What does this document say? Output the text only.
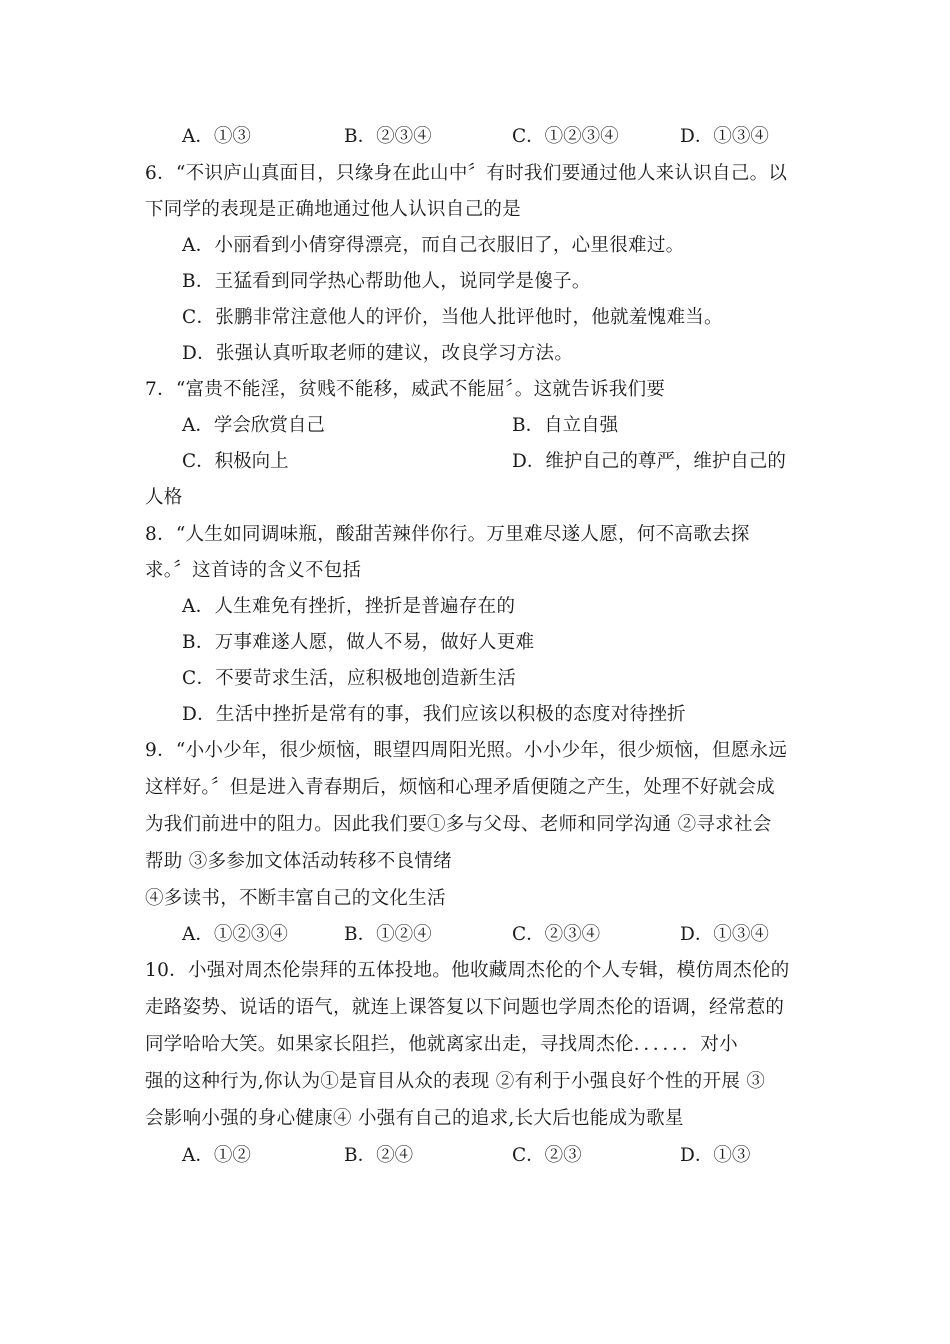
A．①③	B．②③④	C．①②③④	D．①③④
6．“不识庐山真面目，只缘身在此山中〞有时我们要通过他人来认识自己。以
下同学的表现是正确地通过他人认识自己的是
A．小丽看到小倩穿得漂亮，而自己衣服旧了，心里很难过。
B．王猛看到同学热心帮助他人，说同学是傻子。
C．张鹏非常注意他人的评价，当他人批评他时，他就羞愧难当。
D．张强认真听取老师的建议，改良学习方法。
7．“富贵不能淫，贫贱不能移，威武不能屈〞。这就告诉我们要
A．学会欣赏自己	B．自立自强
C．积极向上	D．维护自己的尊严，维护自己的
人格
8．“人生如同调味瓶，酸甜苦辣伴你行。万里难尽遂人愿，何不高歌去探
求。〞这首诗的含义不包括
A．人生难免有挫折，挫折是普遍存在的
B．万事难遂人愿，做人不易，做好人更难
C．不要苛求生活，应积极地创造新生活
D．生活中挫折是常有的事，我们应该以积极的态度对待挫折
9．“小小少年，很少烦恼，眼望四周阳光照。小小少年，很少烦恼，但愿永远
这样好。〞但是进入青春期后，烦恼和心理矛盾便随之产生，处理不好就会成
为我们前进中的阻力。因此我们要①多与父母、老师和同学沟通 ②寻求社会
帮助 ③多参加文体活动转移不良情绪
④多读书，不断丰富自己的文化生活
A．①②③④	B．①②④	C．②③④	D．①③④
10．小强对周杰伦崇拜的五体投地。他收藏周杰伦的个人专辑，模仿周杰伦的
走路姿势、说话的语气，就连上课答复以下问题也学周杰伦的语调，经常惹的
同学哈哈大笑。如果家长阻拦，他就离家出走，寻找周杰伦．．．．．．对小
强的这种行为,你认为①是盲目从众的表现 ②有利于小强良好个性的开展 ③
会影响小强的身心健康④ 小强有自己的追求,长大后也能成为歌星
A．①②	B．②④	C．②③	D．①③
